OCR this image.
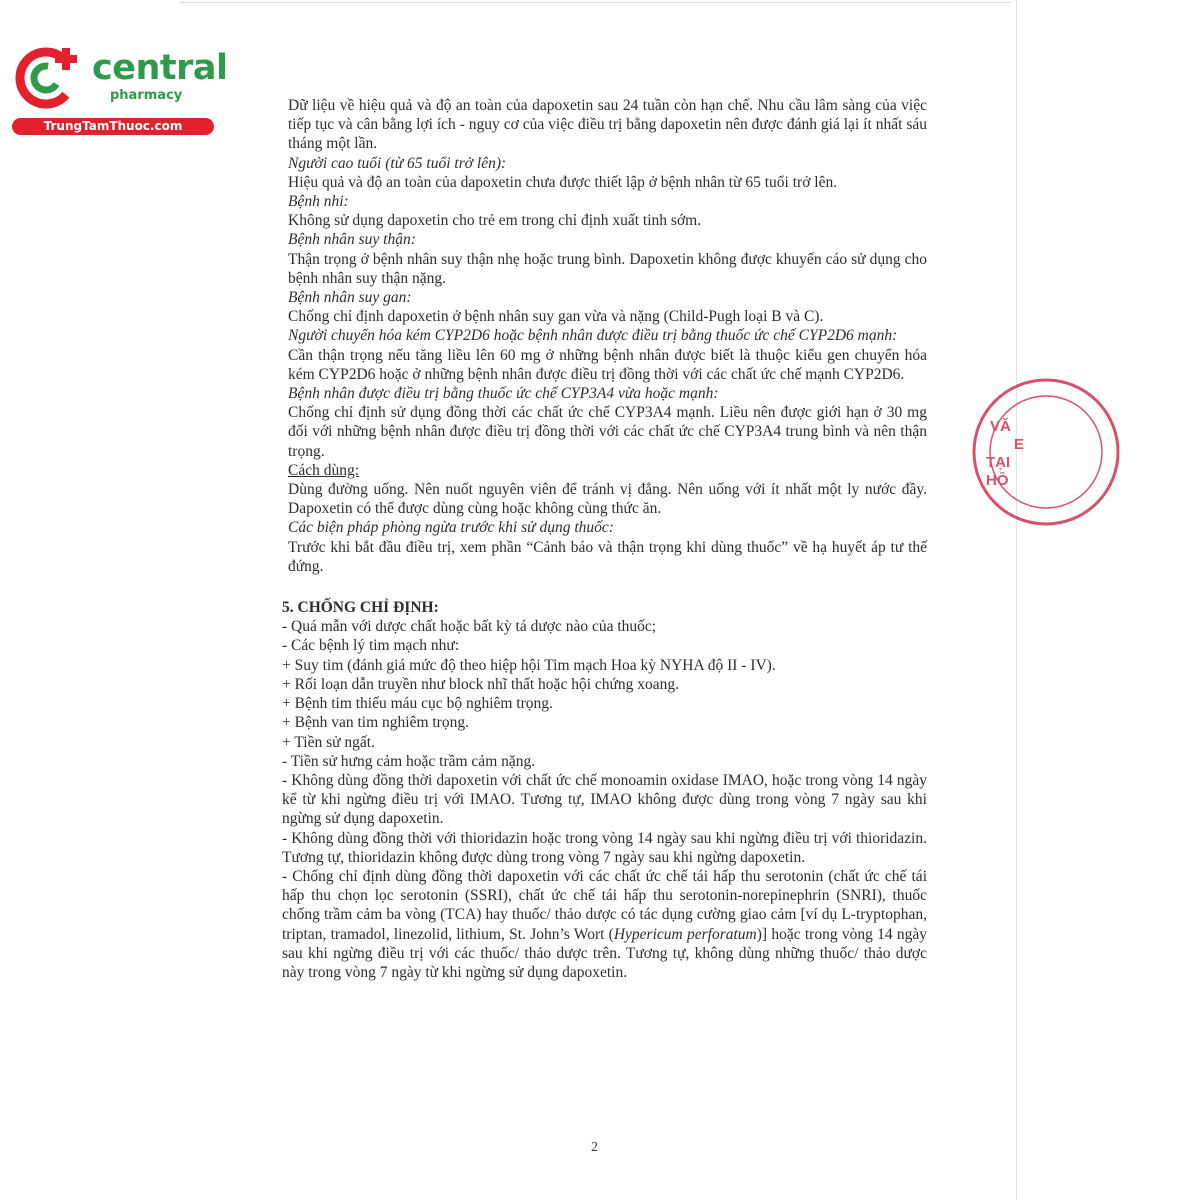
central
pharmacy
TrungTamThuoc.com
VĂ
E
TẠI
HỒ

Dữ liệu về hiệu quả và độ an toàn của dapoxetin sau 24 tuần còn hạn chế. Nhu cầu lâm sàng của việc tiếp tục và cân bằng lợi ích - nguy cơ của việc điều trị bằng dapoxetin nên được đánh giá lại ít nhất sáu tháng một lần.

Người cao tuổi (từ 65 tuổi trở lên):

Hiệu quả và độ an toàn của dapoxetin chưa được thiết lập ở bệnh nhân từ 65 tuổi trở lên.

Bệnh nhi:

Không sử dụng dapoxetin cho trẻ em trong chỉ định xuất tinh sớm.

Bệnh nhân suy thận:

Thận trọng ở bệnh nhân suy thận nhẹ hoặc trung bình. Dapoxetin không được khuyến cáo sử dụng cho bệnh nhân suy thận nặng.

Bệnh nhân suy gan:

Chống chỉ định dapoxetin ở bệnh nhân suy gan vừa và nặng (Child-Pugh loại B và C).

Người chuyển hóa kém CYP2D6 hoặc bệnh nhân được điều trị bằng thuốc ức chế CYP2D6 mạnh:

Cần thận trọng nếu tăng liều lên 60 mg ở những bệnh nhân được biết là thuộc kiểu gen chuyển hóa kém CYP2D6 hoặc ở những bệnh nhân được điều trị đồng thời với các chất ức chế mạnh CYP2D6.

Bệnh nhân được điều trị bằng thuốc ức chế CYP3A4 vừa hoặc mạnh:

Chống chỉ định sử dụng đồng thời các chất ức chế CYP3A4 mạnh. Liều nên được giới hạn ở 30 mg đối với những bệnh nhân được điều trị đồng thời với các chất ức chế CYP3A4 trung bình và nên thận trọng.

Cách dùng:

Dùng đường uống. Nên nuốt nguyên viên để tránh vị đắng. Nên uống với ít nhất một ly nước đầy. Dapoxetin có thể được dùng cùng hoặc không cùng thức ăn.

Các biện pháp phòng ngừa trước khi sử dụng thuốc:

Trước khi bắt đầu điều trị, xem phần “Cảnh báo và thận trọng khi dùng thuốc” về hạ huyết áp tư thế đứng.

5. CHỐNG CHỈ ĐỊNH:

- Quá mẫn với dược chất hoặc bất kỳ tá dược nào của thuốc;

- Các bệnh lý tim mạch như:

+ Suy tim (đánh giá mức độ theo hiệp hội Tim mạch Hoa kỳ NYHA độ II - IV).

+ Rối loạn dẫn truyền như block nhĩ thất hoặc hội chứng xoang.

+ Bệnh tim thiếu máu cục bộ nghiêm trọng.

+ Bệnh van tim nghiêm trọng.

+ Tiền sử ngất.

- Tiền sử hưng cảm hoặc trầm cảm nặng.

- Không dùng đồng thời dapoxetin với chất ức chế monoamin oxidase IMAO, hoặc trong vòng 14 ngày kể từ khi ngừng điều trị với IMAO. Tương tự, IMAO không được dùng trong vòng 7 ngày sau khi ngừng sử dụng dapoxetin.

- Không dùng đồng thời với thioridazin hoặc trong vòng 14 ngày sau khi ngừng điều trị với thioridazin. Tương tự, thioridazin không được dùng trong vòng 7 ngày sau khi ngừng dapoxetin.

- Chống chỉ định dùng đồng thời dapoxetin với các chất ức chế tái hấp thu serotonin (chất ức chế tái hấp thu chọn lọc serotonin (SSRI), chất ức chế tái hấp thu serotonin-norepinephrin (SNRI), thuốc chống trầm cảm ba vòng (TCA) hay thuốc/ thảo dược có tác dụng cường giao cảm [ví dụ L-tryptophan, triptan, tramadol, linezolid, lithium, St. John’s Wort (Hypericum perforatum)] hoặc trong vòng 14 ngày sau khi ngừng điều trị với các thuốc/ thảo dược trên. Tương tự, không dùng những thuốc/ thảo dược này trong vòng 7 ngày từ khi ngừng sử dụng dapoxetin.

2
